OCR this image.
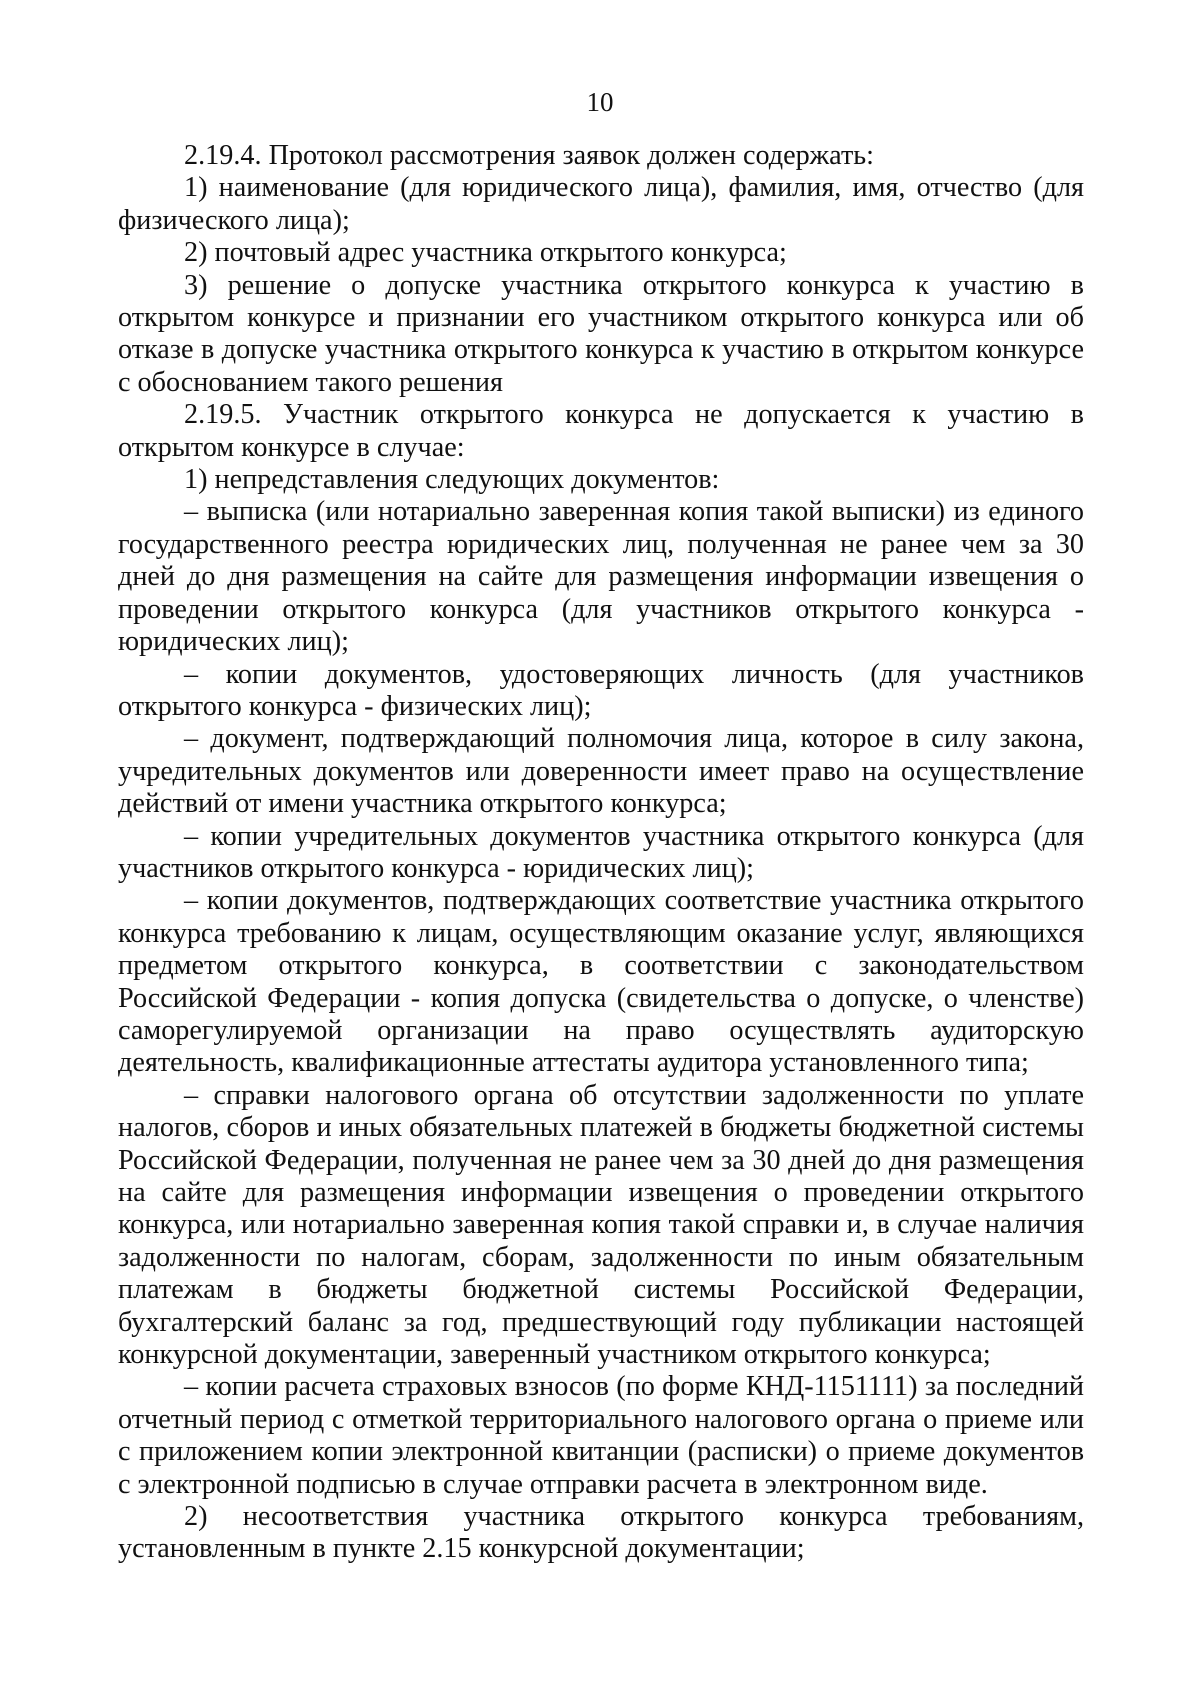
10

2.19.4. Протокол рассмотрения заявок должен содержать:

1) наименование (для юридического лица), фамилия, имя, отчество (для физического лица);

2) почтовый адрес участника открытого конкурса;

3) решение о допуске участника открытого конкурса к участию в открытом конкурсе и признании его участником открытого конкурса или об отказе в допуске участника открытого конкурса к участию в открытом конкурсе с обоснованием такого решения

2.19.5. Участник открытого конкурса не допускается к участию в открытом конкурсе в случае:

1) непредставления следующих документов:

– выписка (или нотариально заверенная копия такой выписки) из единого государственного реестра юридических лиц, полученная не ранее чем за 30 дней до дня размещения на сайте для размещения информации извещения о проведении открытого конкурса (для участников открытого конкурса - юридических лиц);

– копии документов, удостоверяющих личность (для участников открытого конкурса - физических лиц);

– документ, подтверждающий полномочия лица, которое в силу закона, учредительных документов или доверенности имеет право на осуществление действий от имени участника открытого конкурса;

– копии учредительных документов участника открытого конкурса (для участников открытого конкурса - юридических лиц);

– копии документов, подтверждающих соответствие участника открытого конкурса требованию к лицам, осуществляющим оказание услуг, являющихся предметом открытого конкурса, в соответствии с законодательством Российской Федерации - копия допуска (свидетельства о допуске, о членстве) саморегулируемой организации на право осуществлять аудиторскую деятельность, квалификационные аттестаты аудитора установленного типа;

– справки налогового органа об отсутствии задолженности по уплате налогов, сборов и иных обязательных платежей в бюджеты бюджетной системы Российской Федерации, полученная не ранее чем за 30 дней до дня размещения на сайте для размещения информации извещения о проведении открытого конкурса, или нотариально заверенная копия такой справки и, в случае наличия задолженности по налогам, сборам, задолженности по иным обязательным платежам в бюджеты бюджетной системы Российской Федерации, бухгалтерский баланс за год, предшествующий году публикации настоящей конкурсной документации, заверенный участником открытого конкурса;

– копии расчета страховых взносов (по форме КНД-1151111) за последний отчетный период с отметкой территориального налогового органа о приеме или с приложением копии электронной квитанции (расписки) о приеме документов с электронной подписью в случае отправки расчета в электронном виде.

2) несоответствия участника открытого конкурса требованиям, установленным в пункте 2.15 конкурсной документации;
